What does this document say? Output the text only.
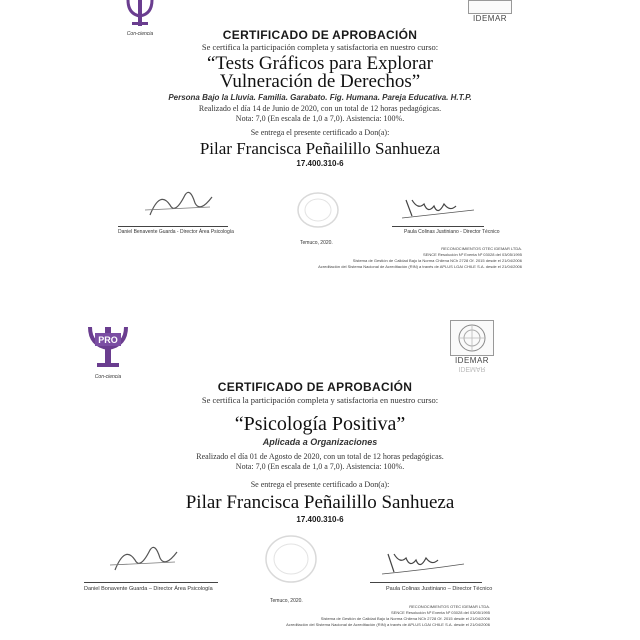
Con-ciencia
IDEMAR
CERTIFICADO DE APROBACIÓN
Se certifica la participación completa y satisfactoria en nuestro curso:
“Tests Gráficos para Explorar
Vulneración de Derechos”
Persona Bajo la Lluvia. Familia. Garabato. Fig. Humana. Pareja Educativa. H.T.P.
Realizado el día 14 de Junio de 2020, con un total de 12 horas pedagógicas.
Nota: 7,0 (En escala de 1,0 a 7,0). Asistencia: 100%.
Se entrega el presente certificado a Don(a):
Pilar Francisca Peñailillo Sanhueza
17.400.310-6
Daniel Benavente Guarda - Director Área Psicología	Paula Colinas Justiniano - Director Técnico
Temuco, 2020.
RECONOCIMIENTOS OTEC IDEMAR LTDA.
SENCE Resolución Nº Exenta Nº 03028 del 03/05/1995
Sistema de Gestión de Calidad Bajo la Norma Chilena NCh 2728 Of. 2015 desde el 21/04/2006
Acreditación del Sistema Nacional de Acreditación (RIN) a través de APLUS LGAI CHILE S.A. desde el 21/04/2006
PRO
Con-ciencia
IDEMAR
IDEMAR
CERTIFICADO DE APROBACIÓN
Se certifica la participación completa y satisfactoria en nuestro curso:
“Psicología Positiva”
Aplicada a Organizaciones
Realizado el día 01 de Agosto de 2020, con un total de 12 horas pedagógicas.
Nota: 7,0 (En escala de 1,0 a 7,0). Asistencia: 100%.
Se entrega el presente certificado a Don(a):
Pilar Francisca Peñailillo Sanhueza
17.400.310-6
Daniel Bonavente Guarda – Director Área Psicología	Paula Colinas Justiniano – Director Técnico
Temuco, 2020.
RECONOCIMIENTOS OTEC IDEMAR LTDA.
SENCE Resolución Nº Exenta Nº 03028 del 03/05/1995
Sistema de Gestión de Calidad Bajo la Norma Chilena NCh 2728 Of. 2015 desde el 21/04/2006
Acreditación del Sistema Nacional de Acreditación (RIN) a través de APLUS LGAI CHILE S.A. desde el 21/04/2006
